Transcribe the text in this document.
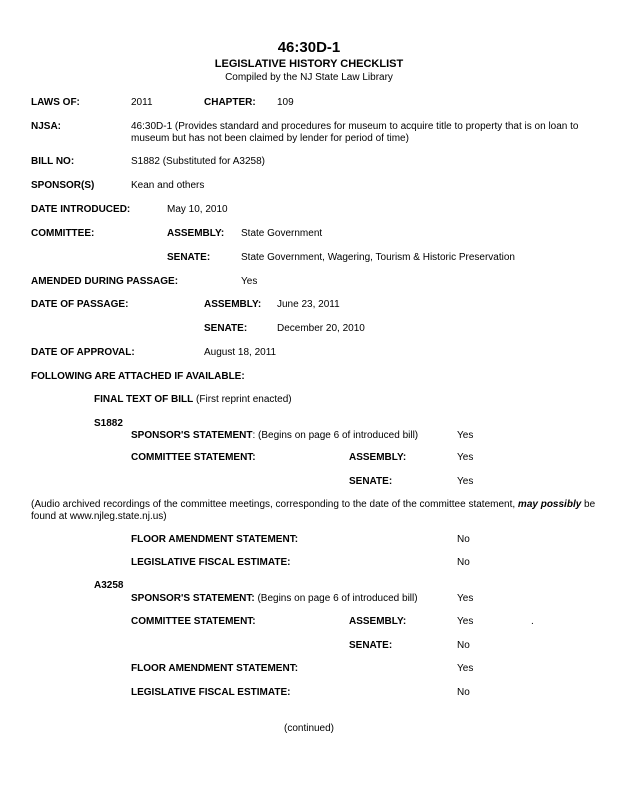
46:30D-1
LEGISLATIVE HISTORY CHECKLIST
Compiled by the NJ State Law Library
LAWS OF:	2011	CHAPTER: 109
NJSA:	46:30D-1 (Provides standard and procedures for museum to acquire title to property that is on loan to museum but has not been claimed by lender for period of time)
BILL NO:	S1882 (Substituted for A3258)
SPONSOR(S)	Kean and others
DATE INTRODUCED:	May 10, 2010
COMMITTEE:	ASSEMBLY: State Government
SENATE:	State Government, Wagering, Tourism & Historic Preservation
AMENDED DURING PASSAGE:	Yes
DATE OF PASSAGE:	ASSEMBLY: June 23, 2011
SENATE:	December 20, 2010
DATE OF APPROVAL:	August 18, 2011
FOLLOWING ARE ATTACHED IF AVAILABLE:
FINAL TEXT OF BILL (First reprint enacted)
S1882
SPONSOR'S STATEMENT: (Begins on page 6 of introduced bill)	Yes
COMMITTEE STATEMENT:	ASSEMBLY:	Yes
SENATE:	Yes
(Audio archived recordings of the committee meetings, corresponding to the date of the committee statement, may possibly be found at www.njleg.state.nj.us)
FLOOR AMENDMENT STATEMENT:	No
LEGISLATIVE FISCAL ESTIMATE:	No
A3258
SPONSOR'S STATEMENT: (Begins on page 6 of introduced bill)	Yes
COMMITTEE STATEMENT:	ASSEMBLY:	Yes	.
SENATE:	No
FLOOR AMENDMENT STATEMENT:	Yes
LEGISLATIVE FISCAL ESTIMATE:	No
(continued)
